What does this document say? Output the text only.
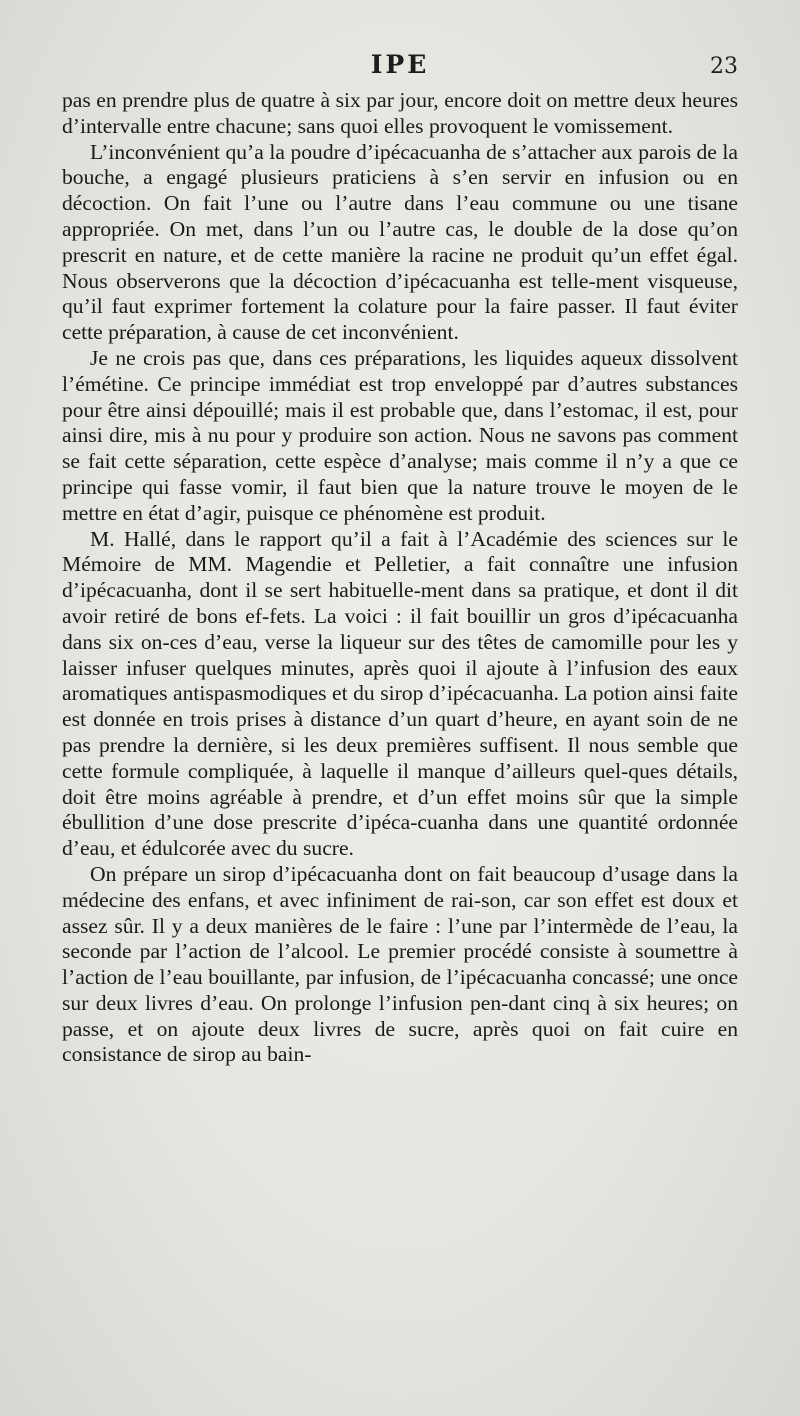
IPE	23

pas en prendre plus de quatre à six par jour, encore doit on mettre deux heures d’intervalle entre chacune; sans quoi elles provoquent le vomissement.

L’inconvénient qu’a la poudre d’ipécacuanha de s’attacher aux parois de la bouche, a engagé plusieurs praticiens à s’en servir en infusion ou en décoction. On fait l’une ou l’autre dans l’eau commune ou une tisane appropriée. On met, dans l’un ou l’autre cas, le double de la dose qu’on prescrit en nature, et de cette manière la racine ne produit qu’un effet égal. Nous observerons que la décoction d’ipécacuanha est telle-ment visqueuse, qu’il faut exprimer fortement la colature pour la faire passer. Il faut éviter cette préparation, à cause de cet inconvénient.

Je ne crois pas que, dans ces préparations, les liquides aqueux dissolvent l’émétine. Ce principe immédiat est trop enveloppé par d’autres substances pour être ainsi dépouillé; mais il est probable que, dans l’estomac, il est, pour ainsi dire, mis à nu pour y produire son action. Nous ne savons pas comment se fait cette séparation, cette espèce d’analyse; mais comme il n’y a que ce principe qui fasse vomir, il faut bien que la nature trouve le moyen de le mettre en état d’agir, puisque ce phénomène est produit.

M. Hallé, dans le rapport qu’il a fait à l’Académie des sciences sur le Mémoire de MM. Magendie et Pelletier, a fait connaître une infusion d’ipécacuanha, dont il se sert habituelle-ment dans sa pratique, et dont il dit avoir retiré de bons ef-fets. La voici : il fait bouillir un gros d’ipécacuanha dans six on-ces d’eau, verse la liqueur sur des têtes de camomille pour les y laisser infuser quelques minutes, après quoi il ajoute à l’infusion des eaux aromatiques antispasmodiques et du sirop d’ipécacuanha. La potion ainsi faite est donnée en trois prises à distance d’un quart d’heure, en ayant soin de ne pas prendre la dernière, si les deux premières suffisent. Il nous semble que cette formule compliquée, à laquelle il manque d’ailleurs quel-ques détails, doit être moins agréable à prendre, et d’un effet moins sûr que la simple ébullition d’une dose prescrite d’ipéca-cuanha dans une quantité ordonnée d’eau, et édulcorée avec du sucre.

On prépare un sirop d’ipécacuanha dont on fait beaucoup d’usage dans la médecine des enfans, et avec infiniment de rai-son, car son effet est doux et assez sûr. Il y a deux manières de le faire : l’une par l’intermède de l’eau, la seconde par l’action de l’alcool. Le premier procédé consiste à soumettre à l’action de l’eau bouillante, par infusion, de l’ipécacuanha concassé; une once sur deux livres d’eau. On prolonge l’infusion pen-dant cinq à six heures; on passe, et on ajoute deux livres de sucre, après quoi on fait cuire en consistance de sirop au bain-
